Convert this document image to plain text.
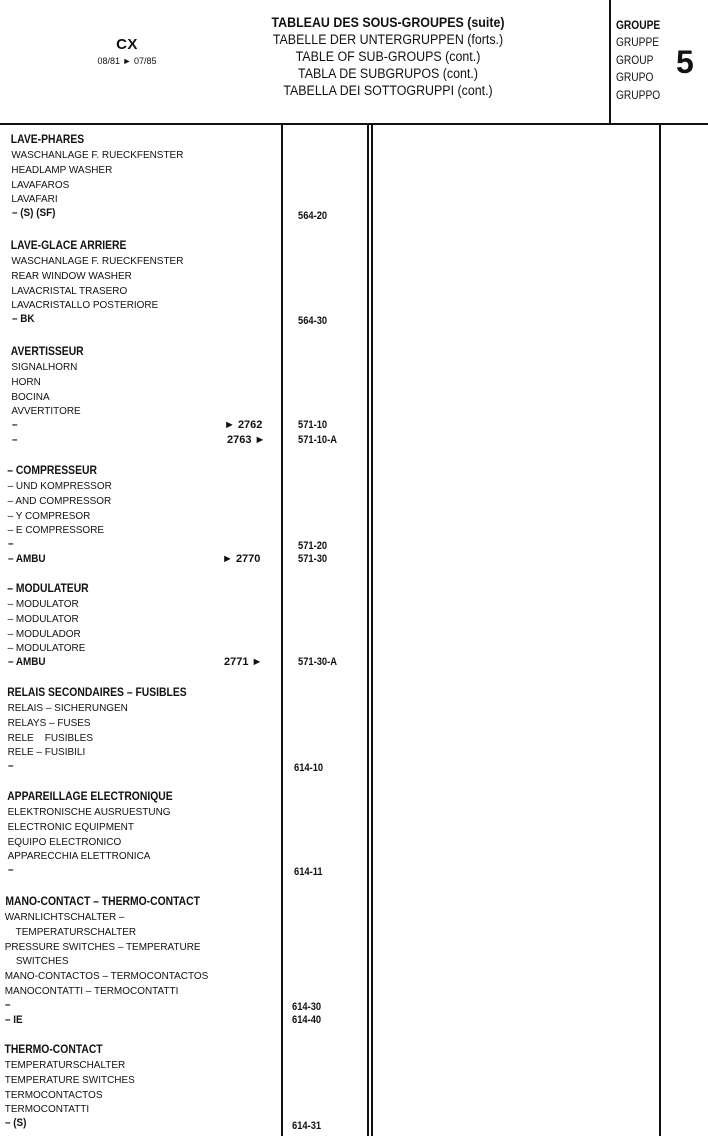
CX
08/81 ► 07/85
TABLEAU DES SOUS-GROUPES (suite)
TABELLE DER UNTERGRUPPEN (forts.)
TABLE OF SUB-GROUPS (cont.)
TABLA DE SUBGRUPOS (cont.)
TABELLA DEI SOTTOGRUPPI (cont.)
GROUPE
GRUPPE
GROUP
GRUPO
GRUPPO
5
LAVE-PHARES
WASCHANLAGE F. RUECKFENSTER
HEADLAMP WASHER
LAVAFAROS
LAVAFARI
– (S) (SF)	564-20
LAVE-GLACE ARRIERE
WASCHANLAGE F. RUECKFENSTER
REAR WINDOW WASHER
LAVACRISTAL TRASERO
LAVACRISTALLO POSTERIORE
– BK	564-30
AVERTISSEUR
SIGNALHORN
HORN
BOCINA
AVVERTITORE
–	► 2762	571-10
–	2763 ►	571-10-A
– COMPRESSEUR
– UND KOMPRESSOR
– AND COMPRESSOR
– Y COMPRESOR
– E COMPRESSORE
–	571-20
– AMBU	► 2770	571-30
– MODULATEUR
– MODULATOR
– MODULATOR
– MODULADOR
– MODULATORE
– AMBU	2771 ►	571-30-A
RELAIS SECONDAIRES – FUSIBLES
RELAIS – SICHERUNGEN
RELAYS – FUSES
RELE    FUSIBLES
RELE – FUSIBILI
–	614-10
APPAREILLAGE ELECTRONIQUE
ELEKTRONISCHE AUSRUESTUNG
ELECTRONIC EQUIPMENT
EQUIPO ELECTRONICO
APPARECCHIA ELETTRONICA
–	614-11
MANO-CONTACT – THERMO-CONTACT
WARNLICHTSCHALTER –
TEMPERATURSCHALTER
PRESSURE SWITCHES – TEMPERATURE
SWITCHES
MANO-CONTACTOS – TERMOCONTACTOS
MANOCONTATTI – TERMOCONTATTI
–	614-30
– IE	614-40
THERMO-CONTACT
TEMPERATURSCHALTER
TEMPERATURE SWITCHES
TERMOCONTACTOS
TERMOCONTATTI
– (S)	614-31
